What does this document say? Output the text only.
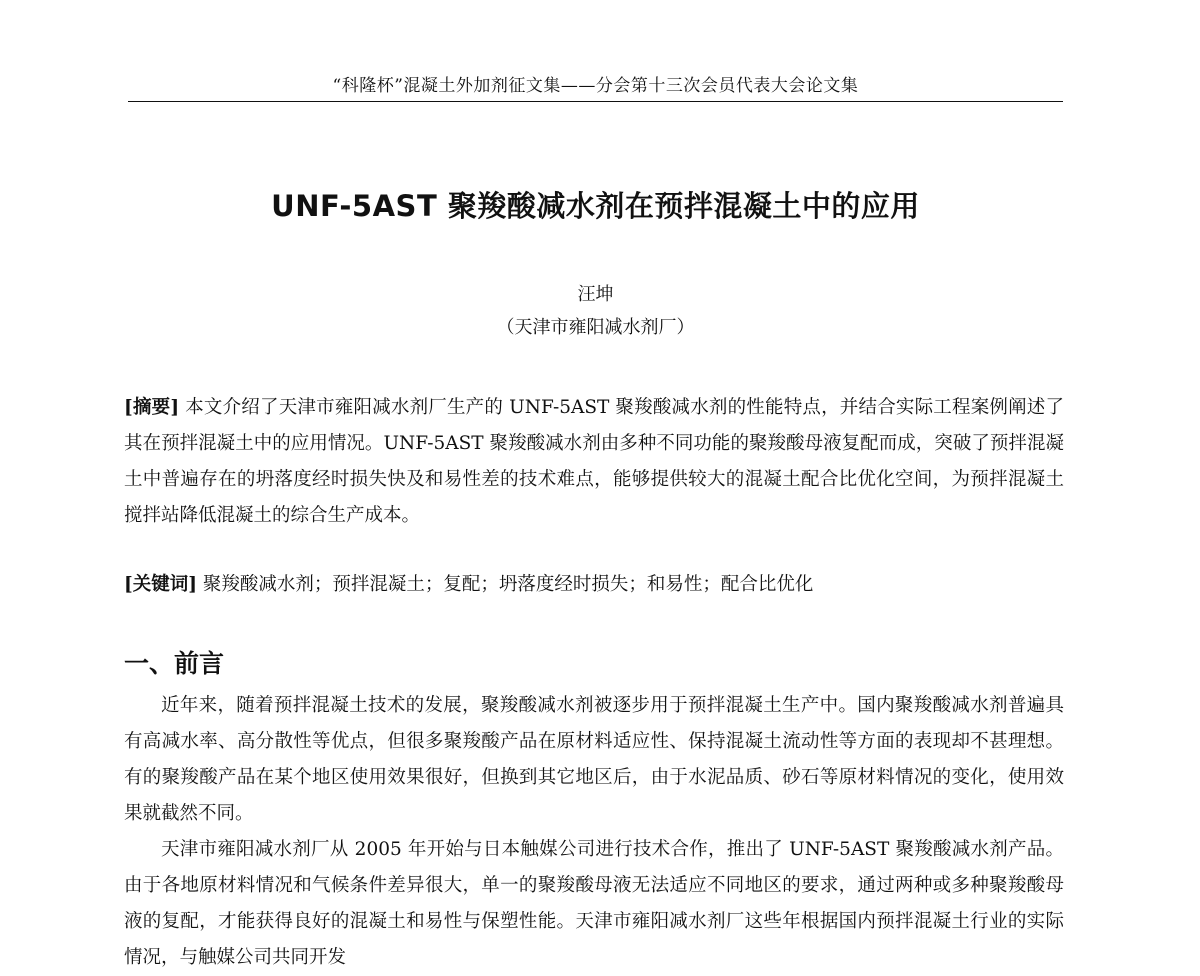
“科隆杯”混凝土外加剂征文集——分会第十三次会员代表大会论文集
UNF-5AST 聚羧酸减水剂在预拌混凝土中的应用
汪坤
（天津市雍阳减水剂厂）
[摘要] 本文介绍了天津市雍阳减水剂厂生产的 UNF-5AST 聚羧酸减水剂的性能特点，并结合实际工程案例阐述了其在预拌混凝土中的应用情况。UNF-5AST 聚羧酸减水剂由多种不同功能的聚羧酸母液复配而成，突破了预拌混凝土中普遍存在的坍落度经时损失快及和易性差的技术难点，能够提供较大的混凝土配合比优化空间，为预拌混凝土搅拌站降低混凝土的综合生产成本。
[关键词] 聚羧酸减水剂；预拌混凝土；复配；坍落度经时损失；和易性；配合比优化
一、前言
近年来，随着预拌混凝土技术的发展，聚羧酸减水剂被逐步用于预拌混凝土生产中。国内聚羧酸减水剂普遍具有高减水率、高分散性等优点，但很多聚羧酸产品在原材料适应性、保持混凝土流动性等方面的表现却不甚理想。有的聚羧酸产品在某个地区使用效果很好，但换到其它地区后，由于水泥品质、砂石等原材料情况的变化，使用效果就截然不同。
天津市雍阳减水剂厂从 2005 年开始与日本触媒公司进行技术合作，推出了 UNF-5AST 聚羧酸减水剂产品。由于各地原材料情况和气候条件差异很大，单一的聚羧酸母液无法适应不同地区的要求，通过两种或多种聚羧酸母液的复配，才能获得良好的混凝土和易性与保塑性能。天津市雍阳减水剂厂这些年根据国内预拌混凝土行业的实际情况，与触媒公司共同开发
